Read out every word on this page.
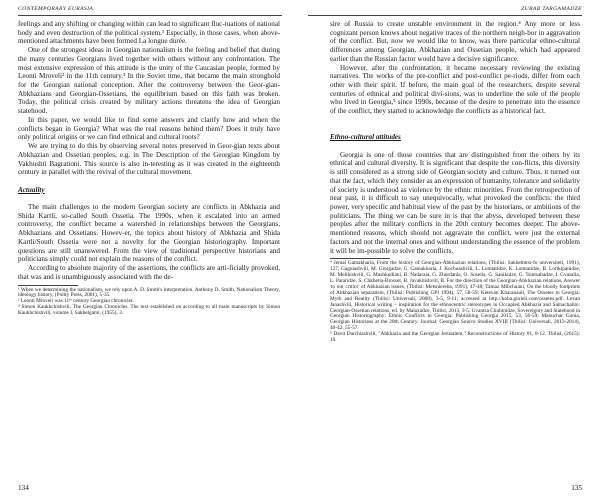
CONTEMPORARY EURASIA

feelings and any shifting or changing within can lead to significant fluc-tuations of national body and even destruction of the political system.¹ Especially, in those cases, when above-mentioned attachments have been formed La longue durée.

One of the strongest ideas in Georgian nationalism is the feeling and belief that during the many centuries Georgians lived together with others without any confrontation. The most extensive expression of this attitude is the unity of the Caucasian people, formed by Leonti Mroveli² in the 11th century.³ In the Soviet time, that became the main stronghold for the Georgian national conception. After the controversy between the Geor-gian-Abkhazians and Georgian-Ossetians, the equilibrium based on this faith was broken. Today, the political crisis created by military actions threatens the idea of Georgian statehood.

In this paper, we would like to find some answers and clarify how and when the conflicts began in Georgia? What was the real reasons behind them? Does it truly have only political origins or we can find ethnical and cultural roots?

We are trying to do this by observing several notes preserved in Geor-gian texts about Abkhazian and Ossetian peoples, e.g. in The Description of the Georgian Kingdom by Vakhushti Bagrationi. This source is also in-teresting as it was created in the eighteenth century in parallel with the revival of the cultural movement.

Actuality

The main challenges to the modern Georgian society are conflicts in Abkhazia and Shida Kartli, so-called South Ossetia. The 1990s, when it escalated into an armed controversy, the conflict became a watershed in relationships between the Georgians, Abkhazians and Ossetians. Howev-er, the topics about history of Abkhazia and Shida Kartli/South Ossetia were not a novelty for the Georgian historiography. Important questions are still unanswered. From the view of traditional perspective historians and politicians simply could not explain the reasons of the conflict.

According to absolute majority of the assertions, the conflicts are arti-ficially provoked, that was and is unambiguously associated with the de-

¹ When we determining the nationalism, we rely upon A. D. Smith's interpretation. Anthony D. Smith, Nationalism Theory, ideology history, (Polity Press, 2001), 5-35.

² Leonti Mroveli was 11ᵗʰ century Georgian chronicler.

³ Simon Kaukhchishvili, The Georgian Chronicles. The text established on according to all main manuscripts by Simon Kaukhchishvili, volume I, Sakhelgami, (1955), 3.

134
ZURAB TARGAMADZE

sire of Russia to create unstable environment in the region.⁴ Any more or less cognizant person knows about negative traces of the northern neigh-bor in aggravation of the conflict. But, now we would like to know, was there particular ethno-cultural differences among Georgian, Abkhazian and Ossetian people, which had appeared earlier than the Russian factor would have a decisive significance.

However, after the confrontation, it became necessary reviewing the existing narratives. The works of the pre-conflict and post-conflict pe-riods, differ from each other with their spirit. If before, the main goal of the researchers, despite several centuries of ethnical and political divi-sions, was to underline the sole of the people who lived in Georgia,⁵ since 1990s, because of the desire to penetrate into the essence of the conflict, they started to acknowledge the conflicts as a historical fact.

Ethno-cultural attitudes

Georgia is one of those countries that are distinguished from the others by its ethnical and cultural diversity. It is significant that despite the con-flicts, this diversity is still considered as a strong side of Georgian society and culture. Thus, it turned out that the fact, which they consider as an expression of humanity, tolerance and solidarity of society is understood as violence by the ethnic minorities. From the retrospection of near past, it is difficult to say unequivocally, what provoked the conflicts: the third power, very specific and habitual view of the past by the historians, or ambitions of the politicians. The thing we can be sure in is that the abyss, developed between these peoples after the military conflicts in the 20th century becomes deeper. The above-mentioned reasons, which should not aggravate the conflict, were just the external factors and not the internal ones and without understanding the essence of the problem it will be im-possible to solve the conflicts.

⁴ Jemal Gamakharia, From the history of Georgian-Abkhazian relations, (Tbilisi: Sakhelmtsi-fo universiteti, 1991), 127; Gagniashvili, M. Giorgadze, G. Gamakharia, J. Kochuashvili, L. Lomtatidze, K. Lomtatidze, B. Lortkipanidze, M. Melikishvili, G. Mushkudiani, B. Nadaraia, G. Zhordania, O. Soselia, G. Sanikidze, G. Tsintsabadze, I. Gvasalia, L. Pataridze, S. Chkhetia-Brosset, B. Javakhishvili, B. For the direction of the Georgian-Abkhazian relations, Answer 'to our critics' of Abkhazian issues, (Tbilisi: Metsniereba, 1991), 47-48; Tamaz Mibchuani, On the bloody footprints of Abkhazian separatism, (Tbilisi: Publishing GPI 1994), 57, 58-59; Ketevan Kharanauli, The Ossetes in Georgia: Myth and Reality (Tbilisi: Universali, 2008), 3-5, 9-11; accessed at http://koba.gurieli.com/ossetes.pdf. Levan Janashvili, Historical writing – inspiration for the ethnocentric stereotypes in Occupied Abkhazia and Samachablo: Georgian-Ossetian relations, ed. by Malaxadze, Tbilisi, 2013, 3-5. Gvantsa Chubinidze, Sovereignty and Statehood in Georgian Historiography: Ethnic Conflicts in Georgia: Publishing Georgia 2015, 53, 56-59; Manuchar Gunia, Georgian Historians at the 20th Century. Journal: Georgian Source Studies XVIII (Tbilisi: Universali, 2013-2014), 40-42, 55-57.

⁵ Davit Darchiashvili, "Abkhazia and the Georgian Jerusalem," Reconstructions of History #1, 8-12. Tbilisi, (2015): 10.

135
